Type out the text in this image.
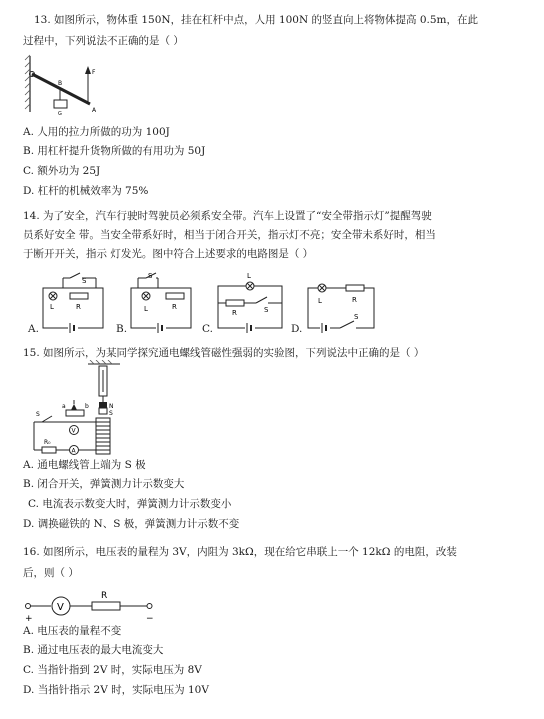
13. 如图所示，物体重 150N，挂在杠杆中点，人用 100N 的竖直向上将物体提高 0.5m，在此
过程中，下列说法不正确的是（ ）
B
F
G	A
A. 人用的拉力所做的功为 100J
B. 用杠杆提升货物所做的有用功为 50J
C. 额外功为 25J
D. 杠杆的机械效率为 75%
14. 为了安全，汽车行驶时驾驶员必须系安全带。汽车上设置了“安全带指示灯”提醒驾驶
员系好安全 带。当安全带系好时，相当于闭合开关，指示灯不亮；安全带未系好时，相当
于断开开关，指示 灯发光。图中符合上述要求的电路图是（ ）
S
L	R
A.
S
L	R
B.
L
R	S
C.
L	R
S
D.
15. 如图所示，为某同学探究通电螺线管磁性强弱的实验图，下列说法中正确的是（ ）
N
S
a	b
V
S
R₀
A
A. 通电螺线管上端为 S 极
B. 闭合开关，弹簧测力计示数变大
C. 电流表示数变大时，弹簧测力计示数变小
D. 调换磁铁的 N、S 极，弹簧测力计示数不变
16. 如图所示，电压表的量程为 3V，内阻为 3kΩ，现在给它串联上一个 12kΩ 的电阻，改装
后，则（ ）
V
R
+	−
A. 电压表的量程不变
B. 通过电压表的最大电流变大
C. 当指针指到 2V 时，实际电压为 8V
D. 当指针指示 2V 时，实际电压为 10V
